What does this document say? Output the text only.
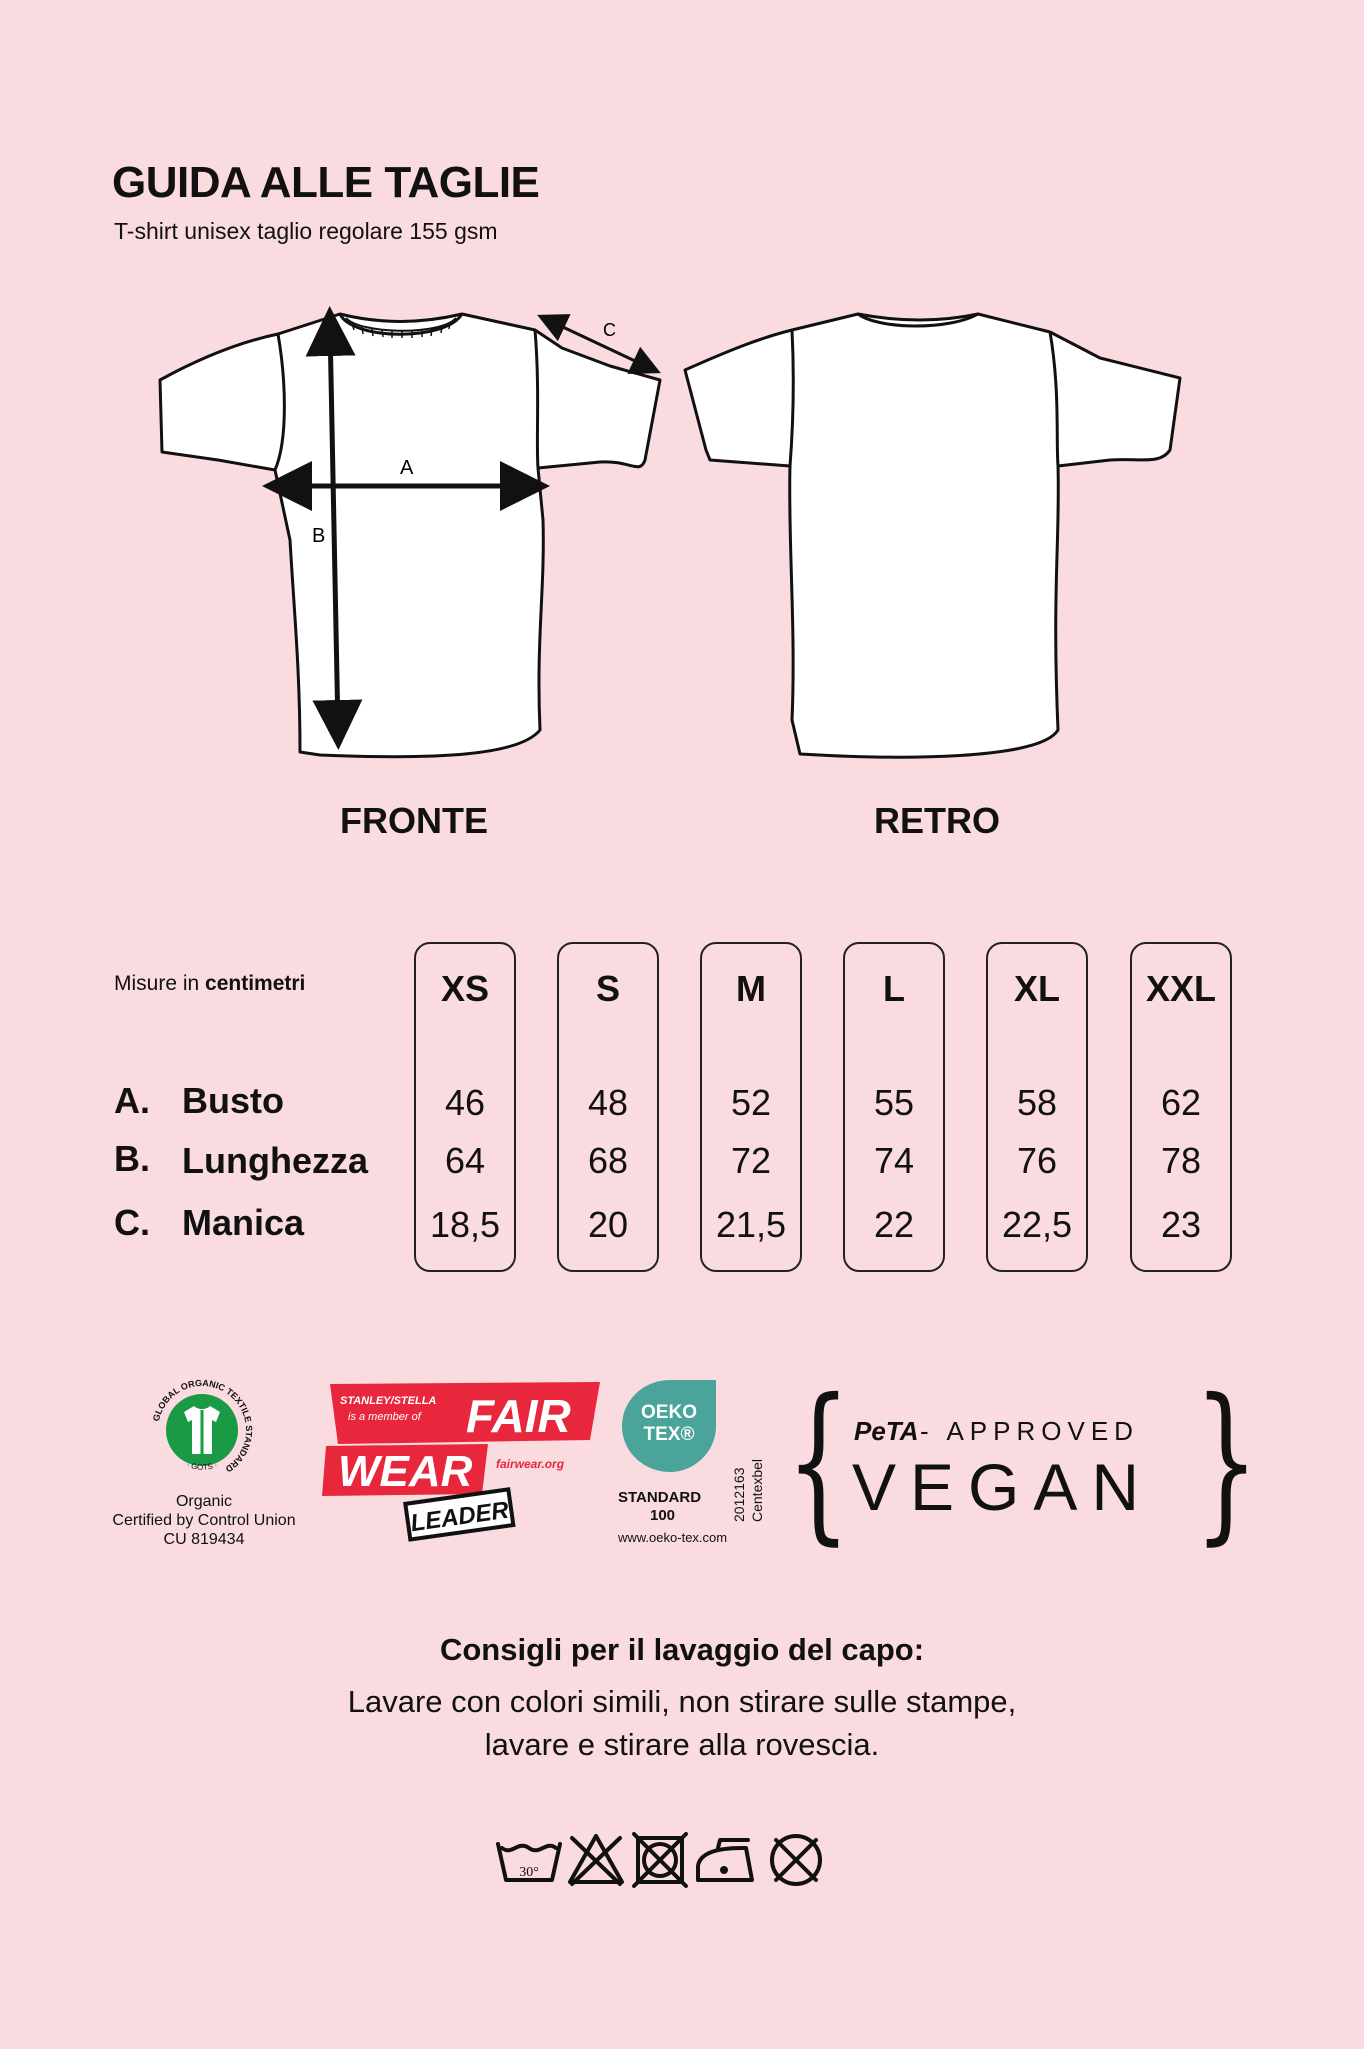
GUIDA ALLE TAGLIE
T-shirt unisex taglio regolare 155 gsm
A
B
C
FRONTE	RETRO
Misure in centimetri
A. Busto
B. Lunghezza
C. Manica
XS
46
64
18,5
S
48
68
20
M
52
72
21,5
L
55
74
22
XL
58
76
22,5
XXL
62
78
23
GLOBAL ORGANIC TEXTILE STANDARD
· GOTS ·
Organic
Certified by Control Union
CU 819434
STANLEY/STELLA
is a member of FAIR
WEAR fairwear.org
LEADER
OEKO
TEX®
STANDARD
100	2012163 Centexbel
www.oeko-tex.com { }
PeTA - APPROVED
VEGAN
Consigli per il lavaggio del capo:
Lavare con colori simili, non stirare sulle stampe,
lavare e stirare alla rovescia.
30°
